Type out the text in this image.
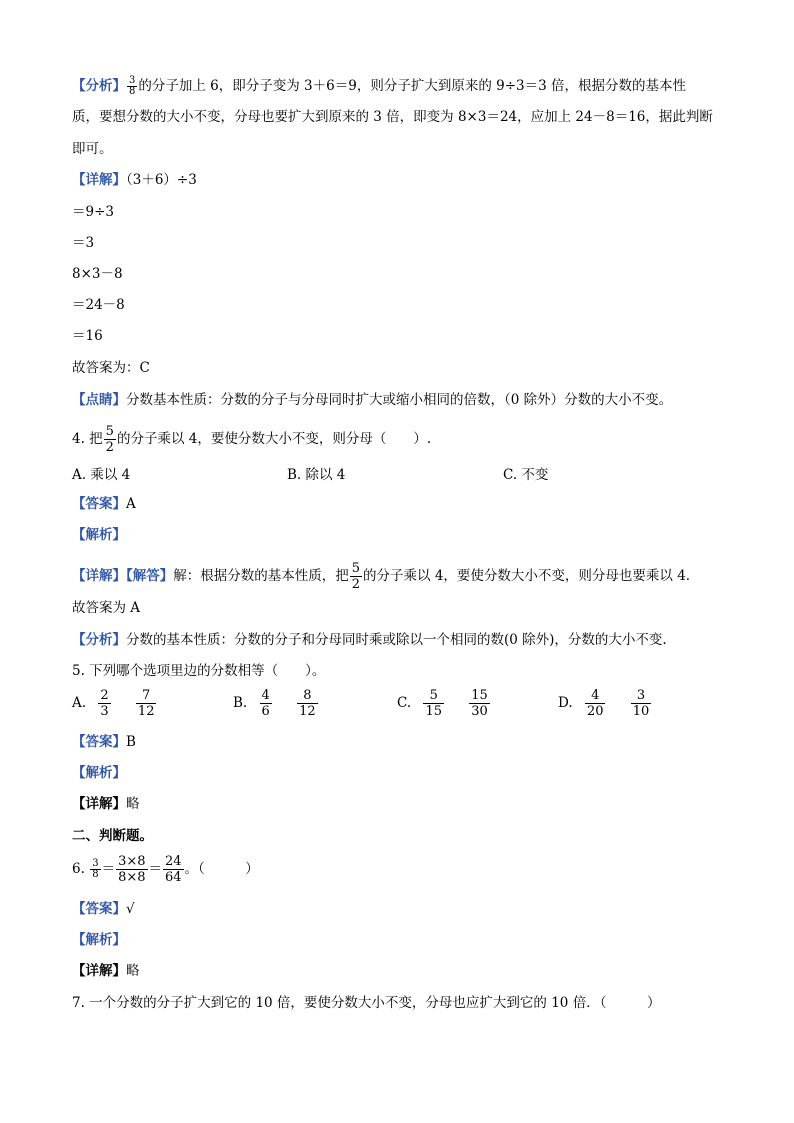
【分析】 $\frac{3}{8}$ 的分子加上 6，即分子变为 3＋6＝9，则分子扩大到原来的 9÷3＝3 倍，根据分数的基本性
质，要想分数的大小不变，分母也要扩大到原来的 3 倍，即变为 8×3＝24，应加上 24－8＝16，据此判断
即可。
【详解】（3＋6）÷3
＝9÷3
＝3
8×3－8
＝24－8
＝16
故答案为：C
【点睛】分数基本性质：分数的分子与分母同时扩大或缩小相同的倍数，（0 除外）分数的大小不变。
4. 把 $\frac{5}{2}$ 的分子乘以 4，要使分数大小不变，则分母（　　）.
A. 乘以 4	B. 除以 4	C. 不变
【答案】A
【解析】
【详解】【解答】解：根据分数的基本性质，把 $\frac{5}{2}$ 的分子乘以 4，要使分数大小不变，则分母也要乘以 4.
故答案为 A
【分析】分数的基本性质：分数的分子和分母同时乘或除以一个相同的数(0 除外)，分数的大小不变.
5. 下列哪个选项里边的分数相等（　　）。
A. $\frac{2}{3}$
$\frac{7}{12}$	B. $\frac{4}{6}$
$\frac{8}{12}$	C. $\frac{5}{15}$
$\frac{15}{30}$	D. $\frac{4}{20}$
$\frac{3}{10}$
【答案】B
【解析】
【详解】略
二、判断题。
6. $\frac{3}{8} = \frac{3\times 8}{8\times 8} = \frac{24}{64}$ 。（　　　）
【答案】√
【解析】
【详解】略
7. 一个分数的分子扩大到它的 10 倍，要使分数大小不变，分母也应扩大到它的 10 倍．（　　　）
